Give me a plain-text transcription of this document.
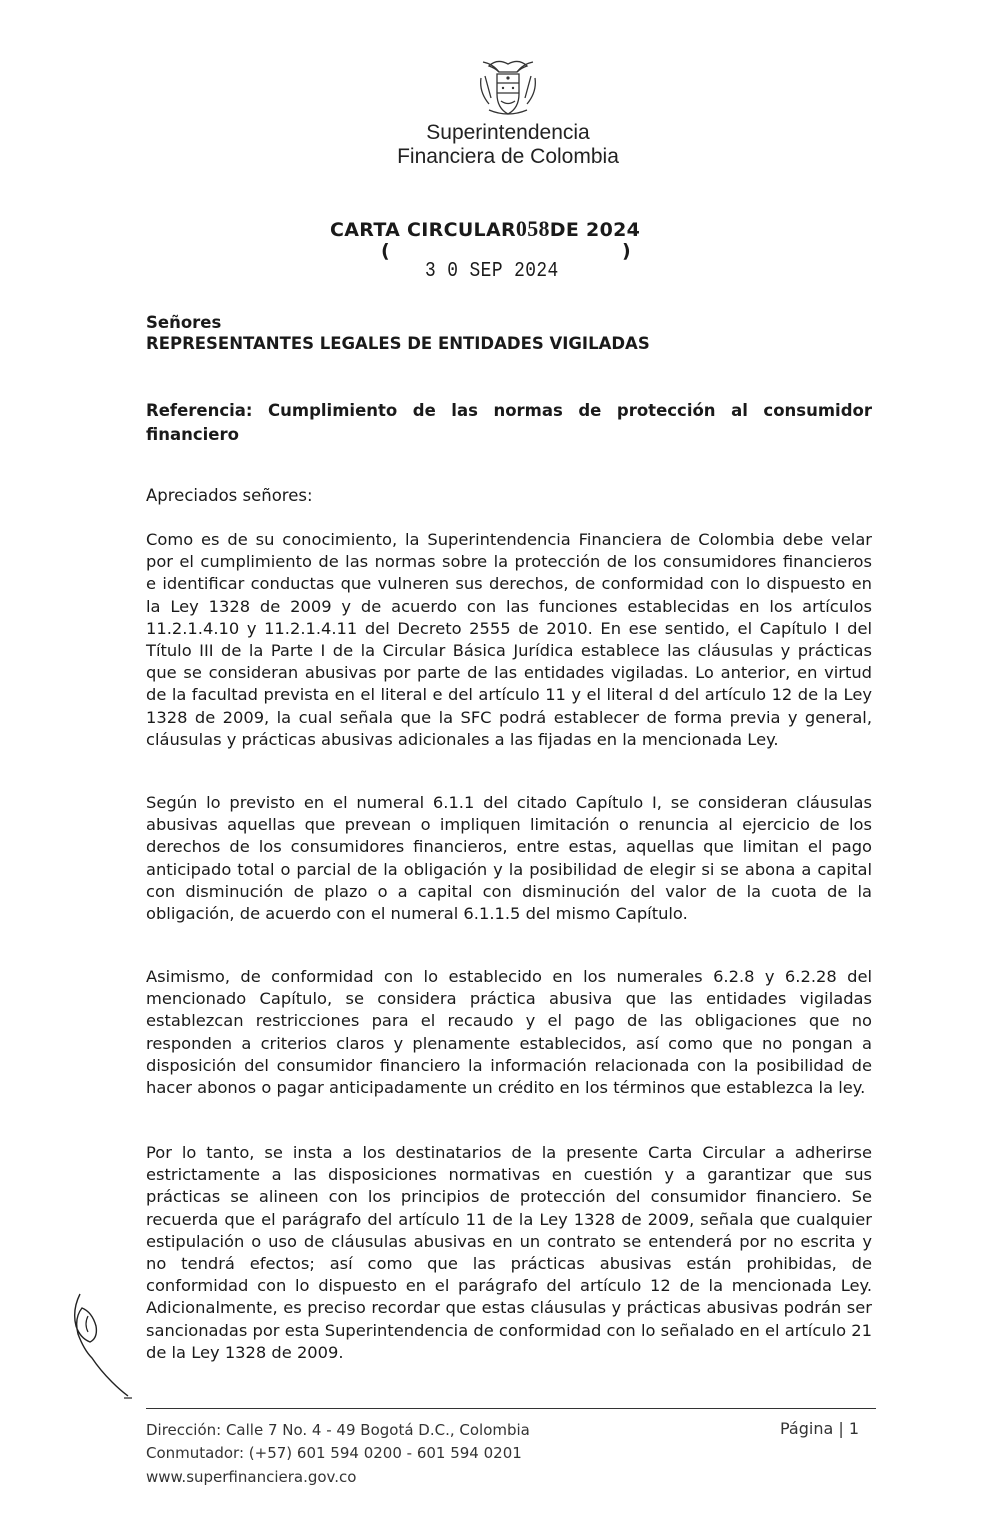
Superintendencia
Financiera de Colombia
CARTA CIRCULAR058DE 2024
(	)
3 0 SEP 2024
Señores
REPRESENTANTES LEGALES DE ENTIDADES VIGILADAS
Referencia: Cumplimiento de las normas de protección al consumidor financiero
Apreciados señores:
Como es de su conocimiento, la Superintendencia Financiera de Colombia debe velar por el cumplimiento de las normas sobre la protección de los consumidores financieros e identificar conductas que vulneren sus derechos, de conformidad con lo dispuesto en la Ley 1328 de 2009 y de acuerdo con las funciones establecidas en los artículos 11.2.1.4.10 y 11.2.1.4.11 del Decreto 2555 de 2010. En ese sentido, el Capítulo I del Título III de la Parte I de la Circular Básica Jurídica establece las cláusulas y prácticas que se consideran abusivas por parte de las entidades vigiladas. Lo anterior, en virtud de la facultad prevista en el literal e del artículo 11 y el literal d del artículo 12 de la Ley 1328 de 2009, la cual señala que la SFC podrá establecer de forma previa y general, cláusulas y prácticas abusivas adicionales a las fijadas en la mencionada Ley.
Según lo previsto en el numeral 6.1.1 del citado Capítulo I, se consideran cláusulas abusivas aquellas que prevean o impliquen limitación o renuncia al ejercicio de los derechos de los consumidores financieros, entre estas, aquellas que limitan el pago anticipado total o parcial de la obligación y la posibilidad de elegir si se abona a capital con disminución de plazo o a capital con disminución del valor de la cuota de la obligación, de acuerdo con el numeral 6.1.1.5 del mismo Capítulo.
Asimismo, de conformidad con lo establecido en los numerales 6.2.8 y 6.2.28 del mencionado Capítulo, se considera práctica abusiva que las entidades vigiladas establezcan restricciones para el recaudo y el pago de las obligaciones que no responden a criterios claros y plenamente establecidos, así como que no pongan a disposición del consumidor financiero la información relacionada con la posibilidad de hacer abonos o pagar anticipadamente un crédito en los términos que establezca la ley.
Por lo tanto, se insta a los destinatarios de la presente Carta Circular a adherirse estrictamente a las disposiciones normativas en cuestión y a garantizar que sus prácticas se alineen con los principios de protección del consumidor financiero. Se recuerda que el parágrafo del artículo 11 de la Ley 1328 de 2009, señala que cualquier estipulación o uso de cláusulas abusivas en un contrato se entenderá por no escrita y no tendrá efectos; así como que las prácticas abusivas están prohibidas, de conformidad con lo dispuesto en el parágrafo del artículo 12 de la mencionada Ley. Adicionalmente, es preciso recordar que estas cláusulas y prácticas abusivas podrán ser sancionadas por esta Superintendencia de conformidad con lo señalado en el artículo 21 de la Ley 1328 de 2009.
Dirección: Calle 7 No. 4 - 49 Bogotá D.C., Colombia
Conmutador: (+57) 601 594 0200 - 601 594 0201
www.superfinanciera.gov.co
Página | 1
